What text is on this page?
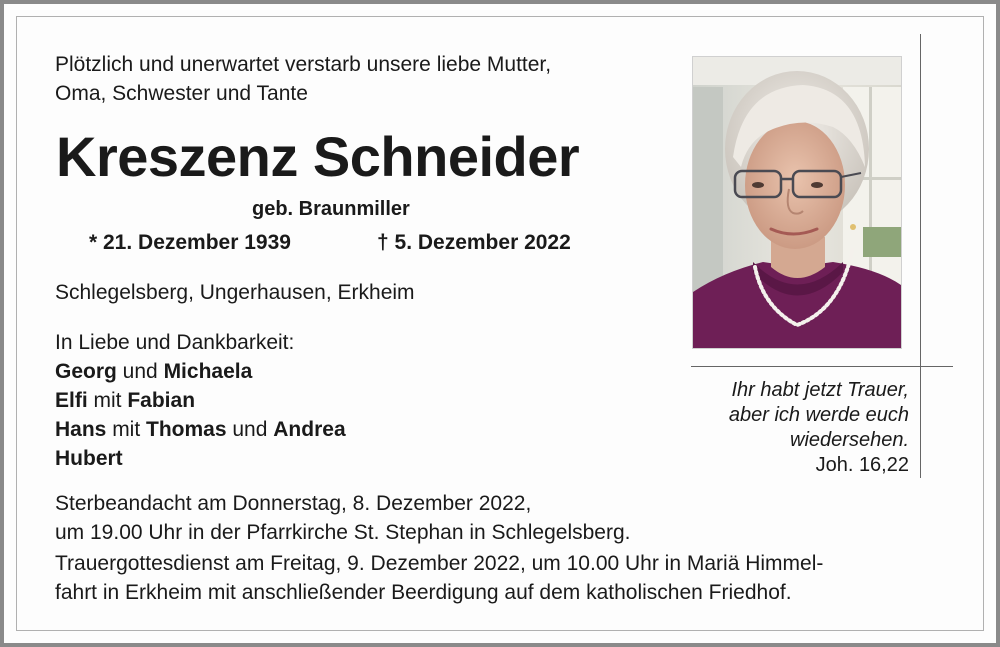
Plötzlich und unerwartet verstarb unsere liebe Mutter,
Oma, Schwester und Tante
Kreszenz Schneider
geb. Braunmiller
* 21. Dezember 1939	† 5. Dezember 2022
Schlegelsberg, Ungerhausen, Erkheim
In Liebe und Dankbarkeit:
Georg und Michaela
Elfi mit Fabian
Hans mit Thomas und Andrea
Hubert
Sterbeandacht am Donnerstag, 8. Dezember 2022,
um 19.00 Uhr in der Pfarrkirche St. Stephan in Schlegelsberg.
Trauergottesdienst am Freitag, 9. Dezember 2022, um 10.00 Uhr in Mariä Himmel-
fahrt in Erkheim mit anschließender Beerdigung auf dem katholischen Friedhof.
Ihr habt jetzt Trauer,
aber ich werde euch
wiedersehen.
Joh. 16,22
